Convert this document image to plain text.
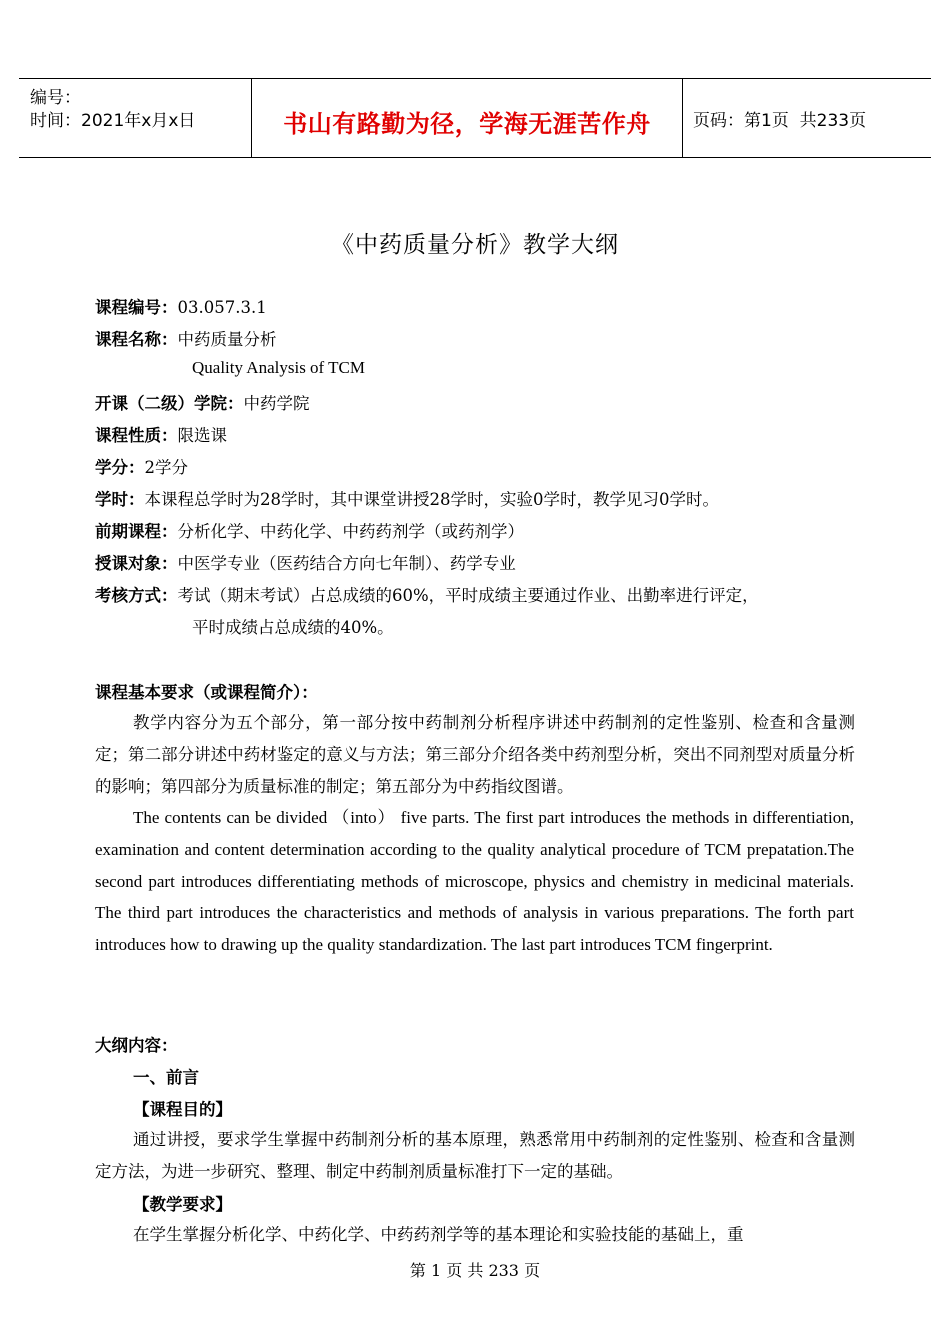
编号：
时间：2021年x月x日	书山有路勤为径，学海无涯苦作舟 页码：第1页  共233页
《中药质量分析》教学大纲
课程编号：03.057.3.1
课程名称：中药质量分析
Quality Analysis of TCM
开课（二级）学院：中药学院
课程性质：限选课
学分：2学分
学时：本课程总学时为28学时，其中课堂讲授28学时，实验0学时，教学见习0学时。
前期课程：分析化学、中药化学、中药药剂学（或药剂学）
授课对象：中医学专业（医药结合方向七年制）、药学专业
考核方式：考试（期末考试）占总成绩的60%，平时成绩主要通过作业、出勤率进行评定，
平时成绩占总成绩的40%。
课程基本要求（或课程简介）：
教学内容分为五个部分，第一部分按中药制剂分析程序讲述中药制剂的定性鉴别、检查和含量测定；第二部分讲述中药材鉴定的意义与方法；第三部分介绍各类中药剂型分析，突出不同剂型对质量分析的影响；第四部分为质量标准的制定；第五部分为中药指纹图谱。
The contents can be divided （into） five parts. The first part introduces the methods in differentiation, examination and content determination according to the quality analytical procedure of TCM prepatation.The second part introduces differentiating methods of microscope, physics and chemistry in medicinal materials. The third part introduces the characteristics and methods of analysis in various preparations. The forth part introduces how to drawing up the quality standardization. The last part introduces TCM fingerprint.
大纲内容：
一、前言
【课程目的】
通过讲授，要求学生掌握中药制剂分析的基本原理，熟悉常用中药制剂的定性鉴别、检查和含量测定方法，为进一步研究、整理、制定中药制剂质量标准打下一定的基础。
【教学要求】
在学生掌握分析化学、中药化学、中药药剂学等的基本理论和实验技能的基础上，重
第 1 页 共 233 页
